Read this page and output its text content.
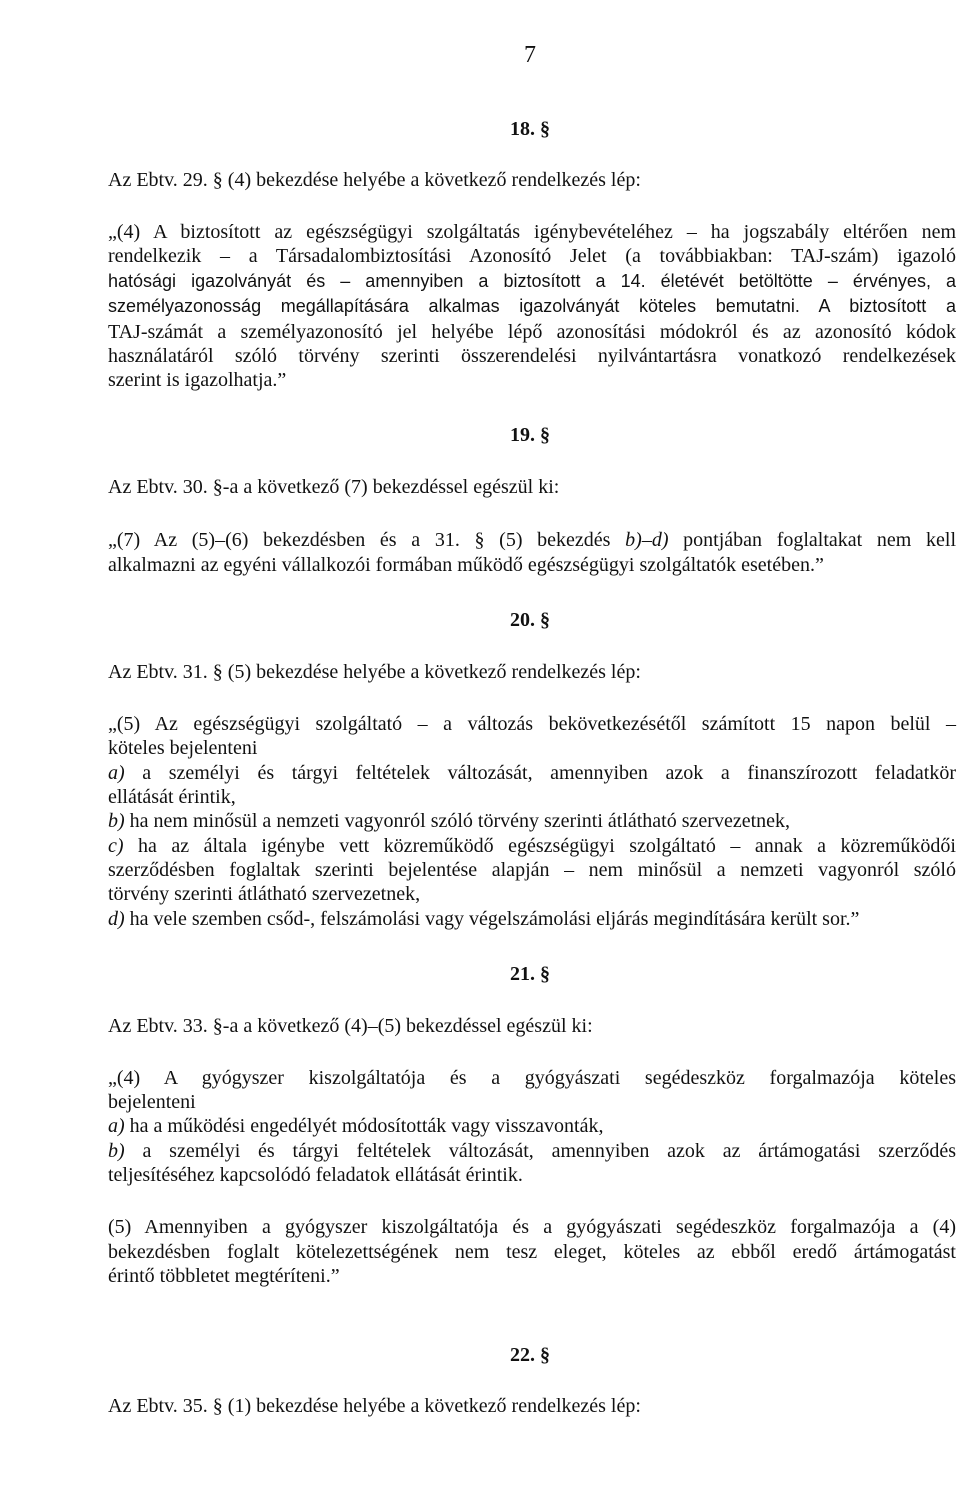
7
18. §
Az Ebtv. 29. § (4) bekezdése helyébe a következő rendelkezés lép:
„(4) A biztosított az egészségügyi szolgáltatás igénybevételéhez – ha jogszabály eltérően nem
rendelkezik – a Társadalombiztosítási Azonosító Jelet (a továbbiakban: TAJ-szám) igazoló
hatósági igazolványát és – amennyiben a biztosított a 14. életévét betöltötte – érvényes, a
személyazonosság megállapítására alkalmas igazolványát köteles bemutatni. A biztosított a
TAJ-számát a személyazonosító jel helyébe lépő azonosítási módokról és az azonosító kódok
használatáról szóló törvény szerinti összerendelési nyilvántartásra vonatkozó rendelkezések
szerint is igazolhatja.”
19. §
Az Ebtv. 30. §-a a következő (7) bekezdéssel egészül ki:
„(7) Az (5)–(6) bekezdésben és a 31. § (5) bekezdés b)–d) pontjában foglaltakat nem kell
alkalmazni az egyéni vállalkozói formában működő egészségügyi szolgáltatók esetében.”
20. §
Az Ebtv. 31. § (5) bekezdése helyébe a következő rendelkezés lép:
„(5) Az egészségügyi szolgáltató – a változás bekövetkezésétől számított 15 napon belül –
köteles bejelenteni
a) a személyi és tárgyi feltételek változását, amennyiben azok a finanszírozott feladatkör
ellátását érintik,
b) ha nem minősül a nemzeti vagyonról szóló törvény szerinti átlátható szervezetnek,
c) ha az általa igénybe vett közreműködő egészségügyi szolgáltató – annak a közreműködői
szerződésben foglaltak szerinti bejelentése alapján – nem minősül a nemzeti vagyonról szóló
törvény szerinti átlátható szervezetnek,
d) ha vele szemben csőd-, felszámolási vagy végelszámolási eljárás megindítására került sor.”
21. §
Az Ebtv. 33. §-a a következő (4)–(5) bekezdéssel egészül ki:
„(4) A gyógyszer kiszolgáltatója és a gyógyászati segédeszköz forgalmazója köteles
bejelenteni
a) ha a működési engedélyét módosították vagy visszavonták,
b) a személyi és tárgyi feltételek változását, amennyiben azok az ártámogatási szerződés
teljesítéséhez kapcsolódó feladatok ellátását érintik.
(5) Amennyiben a gyógyszer kiszolgáltatója és a gyógyászati segédeszköz forgalmazója a (4)
bekezdésben foglalt kötelezettségének nem tesz eleget, köteles az ebből eredő ártámogatást
érintő többletet megtéríteni.”
22. §
Az Ebtv. 35. § (1) bekezdése helyébe a következő rendelkezés lép:
